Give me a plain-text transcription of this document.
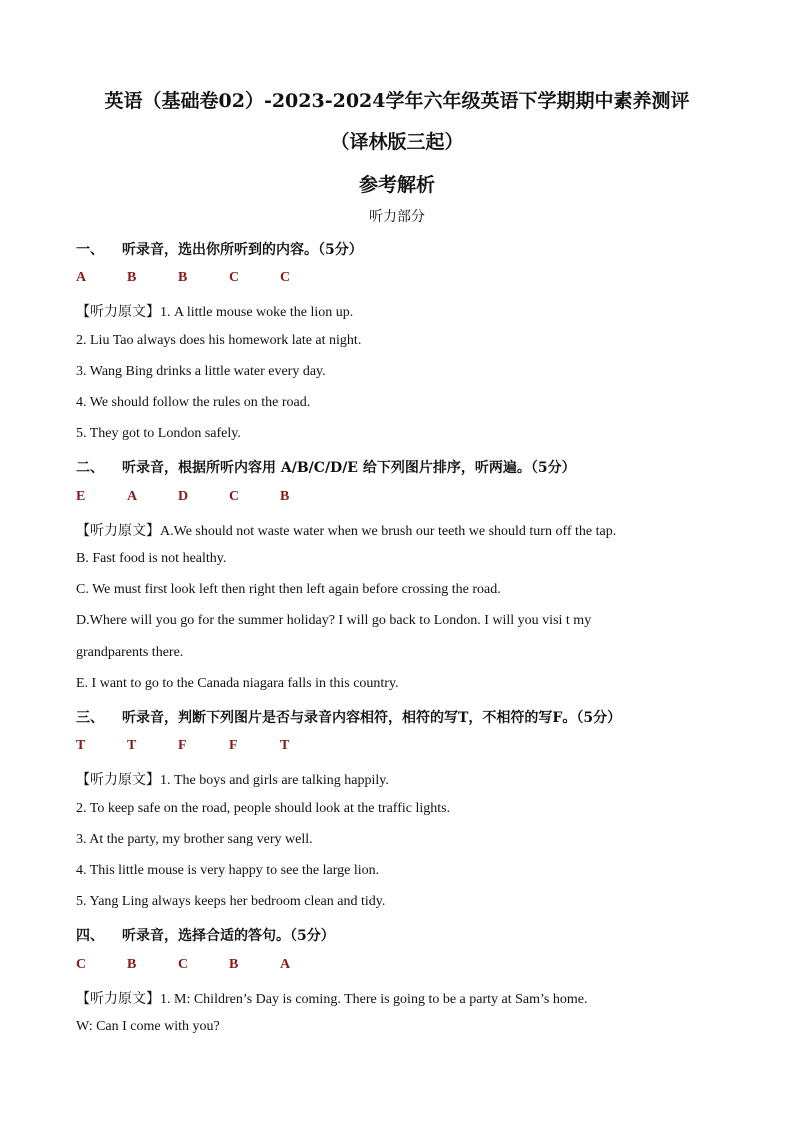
英语（基础卷02）-2023-2024学年六年级英语下学期期中素养测评
（译林版三起）
参考解析
听力部分
一、 听录音，选出你所听到的内容。（5分）
A	B	B	C	C
【听力原文】1. A little mouse woke the lion up.
2. Liu Tao always does his homework late at night.
3. Wang Bing drinks a little water every day.
4. We should follow the rules on the road.
5. They got to London safely.
二、 听录音，根据所听内容用 A/B/C/D/E 给下列图片排序，听两遍。（5分）
E	A	D	C	B
【听力原文】A.We should not waste water when we brush our teeth we should turn off the tap.
B. Fast food is not healthy.
C. We must first look left then right then left again before crossing the road.
D.Where will you go for the summer holiday? I will go back to London. I will you visi t my
grandparents there.
E. I want to go to the Canada niagara falls in this country.
三、 听录音，判断下列图片是否与录音内容相符，相符的写T，不相符的写F。（5分）
T	T	F	F	T
【听力原文】1. The boys and girls are talking happily.
2. To keep safe on the road, people should look at the traffic lights.
3. At the party, my brother sang very well.
4. This little mouse is very happy to see the large lion.
5. Yang Ling always keeps her bedroom clean and tidy.
四、 听录音，选择合适的答句。（5分）
C	B	C	B	A
【听力原文】1. M: Children’s Day is coming. There is going to be a party at Sam’s home.
W: Can I come with you?
